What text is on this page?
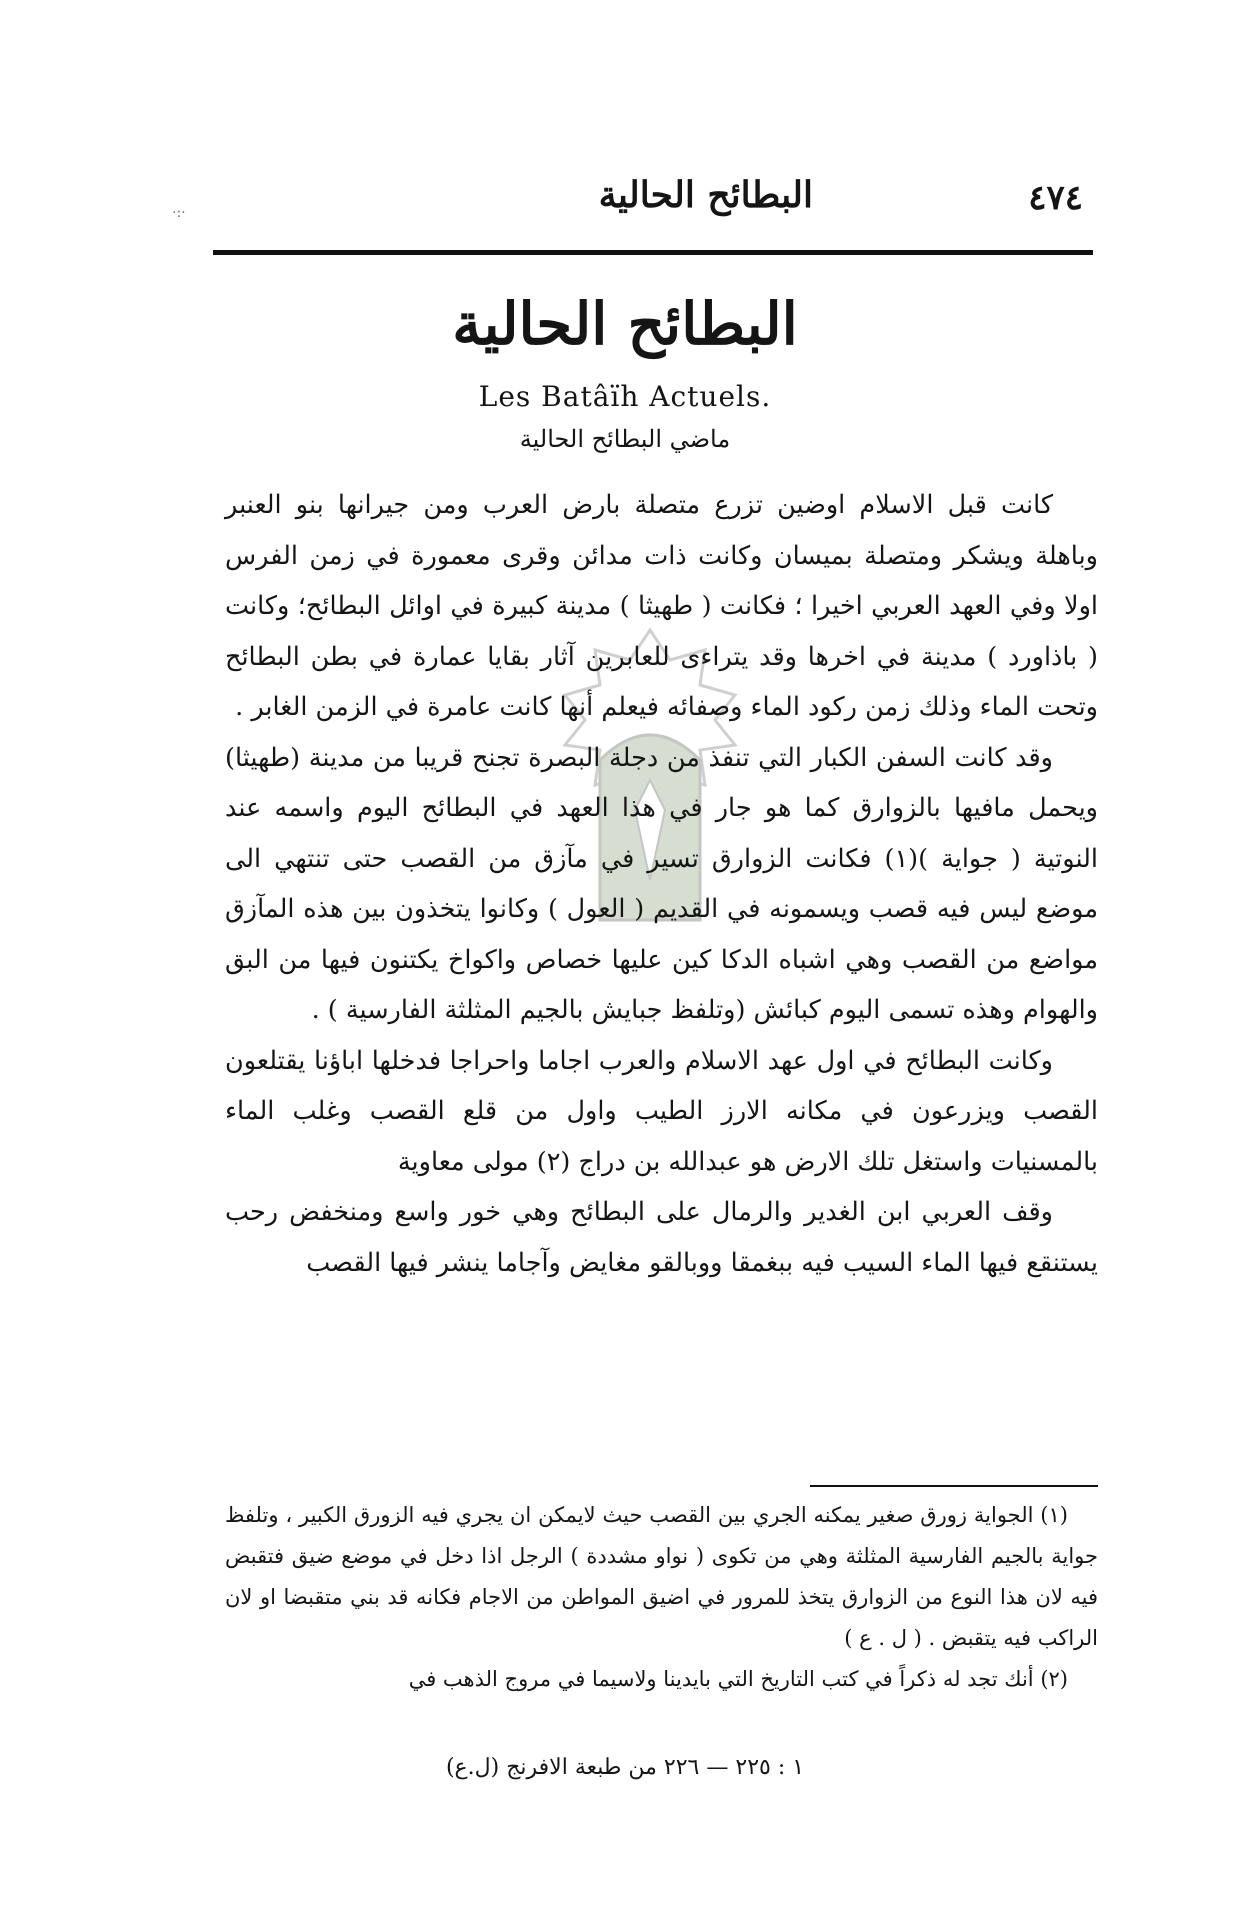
·:·	٤٧٤
البطائح الحالية
البطائح الحالية
Les Batâïh Actuels.
ماضي البطائح الحالية

كانت قبل الاسلام اوضين تزرع متصلة بارض العرب ومن جيرانها بنو العنبر وباهلة ويشكر ومتصلة بميسان وكانت ذات مدائن وقرى معمورة في زمن الفرس اولا وفي العهد العربي اخيرا ؛ فكانت ( طهيثا ) مدينة كبيرة في اوائل البطائح؛ وكانت ( باذاورد ) مدينة في اخرها وقد يتراءى للعابرين آثار بقايا عمارة في بطن البطائح وتحت الماء وذلك زمن ركود الماء وصفائه فيعلم أنها كانت عامرة في الزمن الغابر .

وقد كانت السفن الكبار التي تنفذ من دجلة البصرة تجنح قريبا من مدينة (طهيثا) ويحمل مافيها بالزوارق كما هو جار في هذا العهد في البطائح اليوم واسمه عند النوتية ( جواية )(١) فكانت الزوارق تسير في مآزق من القصب حتى تنتهي الى موضع ليس فيه قصب ويسمونه في القديم ( العول ) وكانوا يتخذون بين هذه المآزق مواضع من القصب وهي اشباه الدكا كين عليها خصاص واكواخ يكتنون فيها من البق والهوام وهذه تسمى اليوم كبائش (وتلفظ جبايش بالجيم المثلثة الفارسية ) .

وكانت البطائح في اول عهد الاسلام والعرب اجاما واحراجا فدخلها اباؤنا يقتلعون القصب ويزرعون في مكانه الارز الطيب واول من قلع القصب وغلب الماء بالمسنيات واستغل تلك الارض هو عبدالله بن دراج (٢) مولى معاوية

وقف العربي ابن الغدير والرمال على البطائح وهي خور واسع ومنخفض رحب يستنقع فيها الماء السيب فيه ببغمقا ووبالقو مغايض وآجاما ينشر فيها القصب

(١) الجواية زورق صغير يمكنه الجري بين القصب حيث لايمكن ان يجري فيه الزورق الكبير ، وتلفظ جواية بالجيم الفارسية المثلثة وهي من تكوى ( نواو مشددة ) الرجل اذا دخل في موضع ضيق فتقبض فيه لان هذا النوع من الزوارق يتخذ للمرور في اضيق المواطن من الاجام فكانه قد بني متقبضا او لان الراكب فيه يتقبض . ( ل . ع )

(٢) أنك تجد له ذكراً في كتب التاريخ التي بايدينا ولاسيما في مروج الذهب في

١ : ٢٢٥ — ٢٢٦ من طبعة الافرنج (ل.ع)
